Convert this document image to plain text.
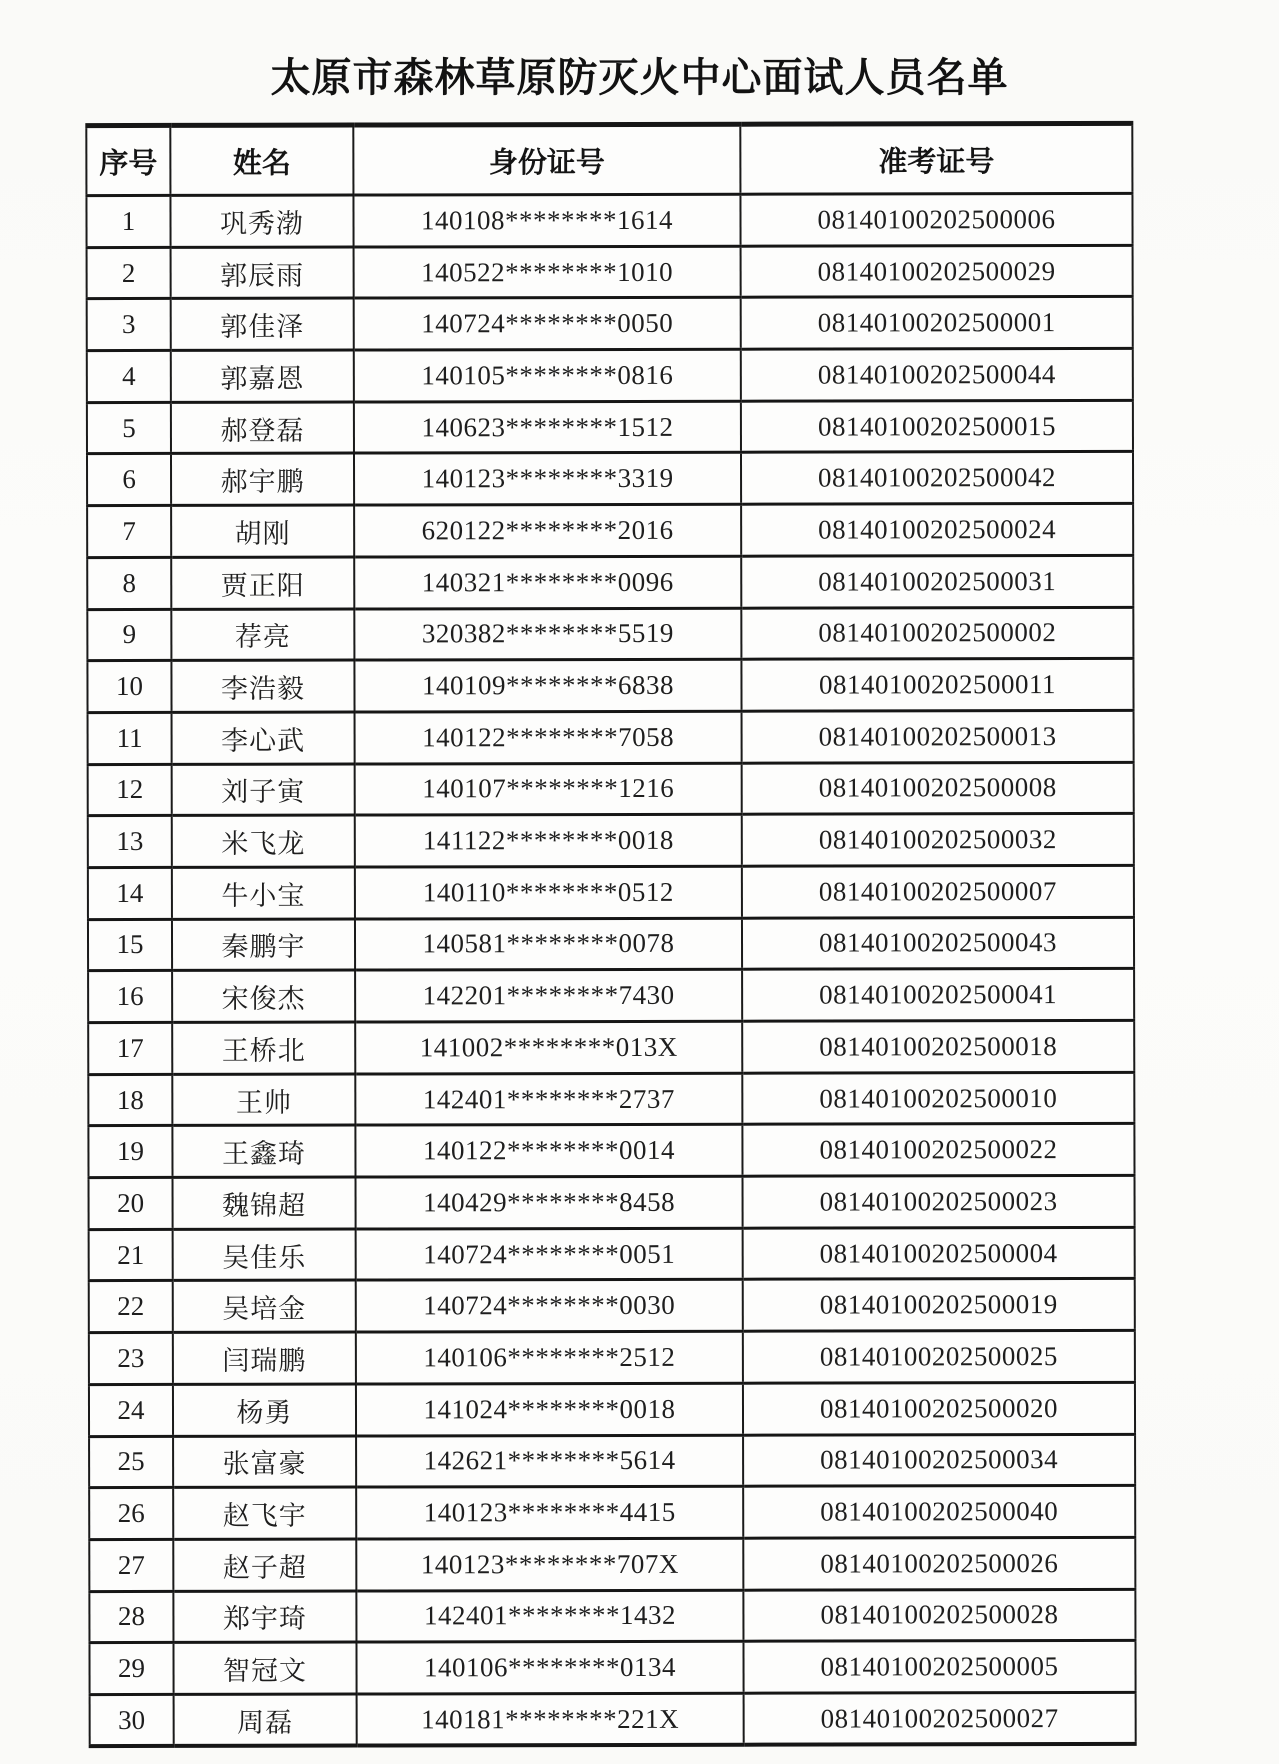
太原市森林草原防灭火中心面试人员名单
序号	姓名	身份证号	准考证号
1	巩秀渤	140108********1614	08140100202500006
2	郭辰雨	140522********1010	08140100202500029
3	郭佳泽	140724********0050	08140100202500001
4	郭嘉恩	140105********0816	08140100202500044
5	郝登磊	140623********1512	08140100202500015
6	郝宇鹏	140123********3319	08140100202500042
7	胡刚	620122********2016	08140100202500024
8	贾正阳	140321********0096	08140100202500031
9	荐亮	320382********5519	08140100202500002
10	李浩毅	140109********6838	08140100202500011
11	李心武	140122********7058	08140100202500013
12	刘子寅	140107********1216	08140100202500008
13	米飞龙	141122********0018	08140100202500032
14	牛小宝	140110********0512	08140100202500007
15	秦鹏宇	140581********0078	08140100202500043
16	宋俊杰	142201********7430	08140100202500041
17	王桥北	141002********013X	08140100202500018
18	王帅	142401********2737	08140100202500010
19	王鑫琦	140122********0014	08140100202500022
20	魏锦超	140429********8458	08140100202500023
21	吴佳乐	140724********0051	08140100202500004
22	吴培金	140724********0030	08140100202500019
23	闫瑞鹏	140106********2512	08140100202500025
24	杨勇	141024********0018	08140100202500020
25	张富豪	142621********5614	08140100202500034
26	赵飞宇	140123********4415	08140100202500040
27	赵子超	140123********707X	08140100202500026
28	郑宇琦	142401********1432	08140100202500028
29	智冠文	140106********0134	08140100202500005
30	周磊	140181********221X	08140100202500027
